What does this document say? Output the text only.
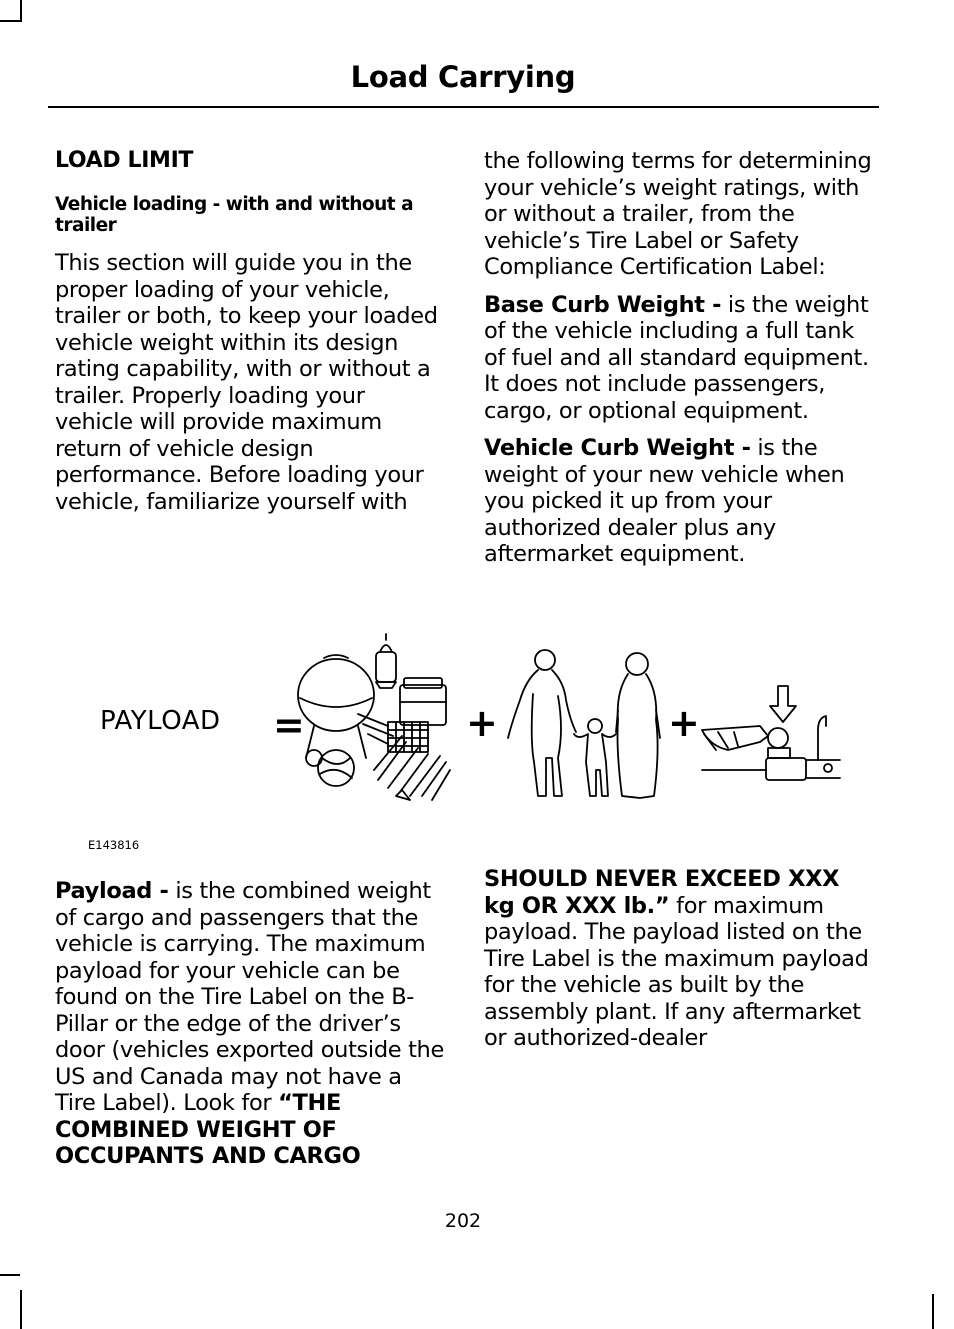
Load Carrying
LOAD LIMIT
Vehicle loading - with and without a trailer

This section will guide you in the proper loading of your vehicle, trailer or both, to keep your loaded vehicle weight within its design rating capability, with or without a trailer. Properly loading your vehicle will provide maximum return of vehicle design performance. Before loading your vehicle, familiarize yourself with

the following terms for determining your vehicle’s weight ratings, with or without a trailer, from the vehicle’s Tire Label or Safety Compliance Certification Label:

Base Curb Weight - is the weight of the vehicle including a full tank of fuel and all standard equipment. It does not include passengers, cargo, or optional equipment.

Vehicle Curb Weight - is the weight of your new vehicle when you picked it up from your authorized dealer plus any aftermarket equipment.

PAYLOAD =	+	+
E143816

Payload - is the combined weight of cargo and passengers that the vehicle is carrying. The maximum payload for your vehicle can be found on the Tire Label on the B-Pillar or the edge of the driver’s door (vehicles exported outside the US and Canada may not have a Tire Label). Look for “THE COMBINED WEIGHT OF OCCUPANTS AND CARGO

SHOULD NEVER EXCEED XXX kg OR XXX lb.” for maximum payload. The payload listed on the Tire Label is the maximum payload for the vehicle as built by the assembly plant. If any aftermarket or authorized-dealer

202
